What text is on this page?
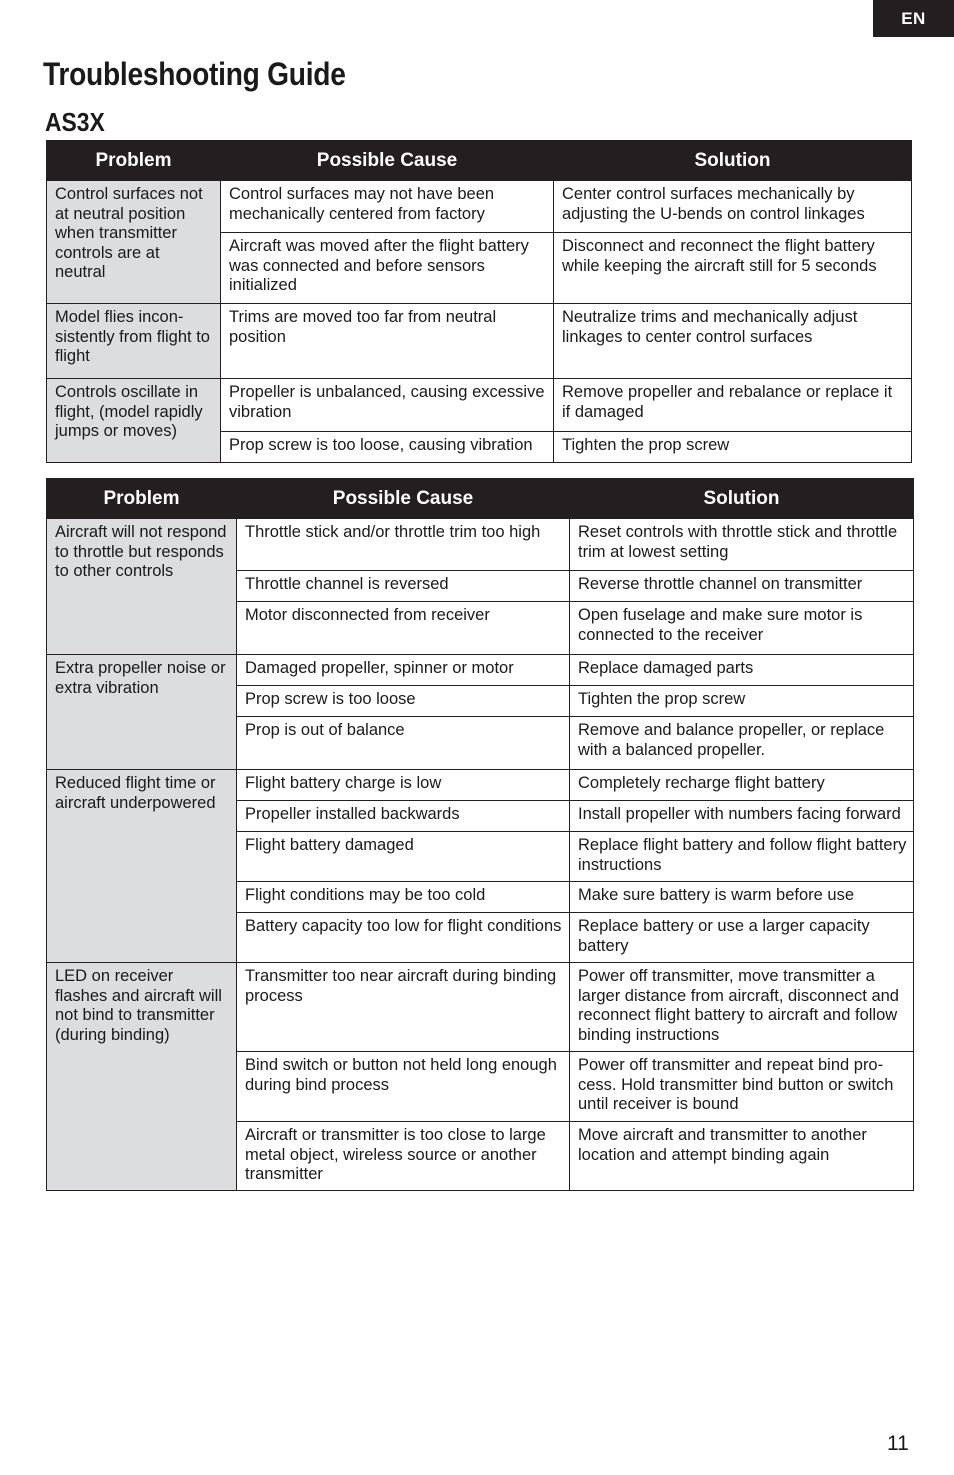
EN
Troubleshooting Guide
AS3X
Problem	Possible Cause	Solution
Control surfaces not at neutral position when transmitter controls are at neutral	Control surfaces may not have been mechanically centered from factory	Center control surfaces mechanically by adjusting the U-bends on control linkages
	Aircraft was moved after the flight battery was connected and before sensors initialized	Disconnect and reconnect the flight battery while keeping the aircraft still for 5 seconds
Model flies incon-sistently from flight to flight	Trims are moved too far from neutral position	Neutralize trims and mechanically adjust linkages to center control surfaces
Controls oscillate in flight, (model rapidly jumps or moves)	Propeller is unbalanced, causing excessive vibration	Remove propeller and rebalance or replace it if damaged
	Prop screw is too loose, causing vibration	Tighten the prop screw
Problem	Possible Cause	Solution
Aircraft will not respond to throttle but responds to other controls	Throttle stick and/or throttle trim too high	Reset controls with throttle stick and throttle trim at lowest setting
	Throttle channel is reversed	Reverse throttle channel on transmitter
	Motor disconnected from receiver	Open fuselage and make sure motor is connected to the receiver
Extra propeller noise or extra vibration	Damaged propeller, spinner or motor	Replace damaged parts
	Prop screw is too loose	Tighten the prop screw
	Prop is out of balance	Remove and balance propeller, or replace with a balanced propeller.
Reduced flight time or aircraft underpowered	Flight battery charge is low	Completely recharge flight battery
	Propeller installed backwards	Install propeller with numbers facing forward
	Flight battery damaged	Replace flight battery and follow flight battery instructions
	Flight conditions may be too cold	Make sure battery is warm before use
	Battery capacity too low for flight conditions	Replace battery or use a larger capacity battery
LED on receiver flashes and aircraft will not bind to transmitter (during binding)	Transmitter too near aircraft during binding process	Power off transmitter, move transmitter a larger distance from aircraft, disconnect and reconnect flight battery to aircraft and follow binding instructions
	Bind switch or button not held long enough during bind process	Power off transmitter and repeat bind pro-cess. Hold transmitter bind button or switch until receiver is bound
	Aircraft or transmitter is too close to large metal object, wireless source or another transmitter	Move aircraft and transmitter to another location and attempt binding again
11
